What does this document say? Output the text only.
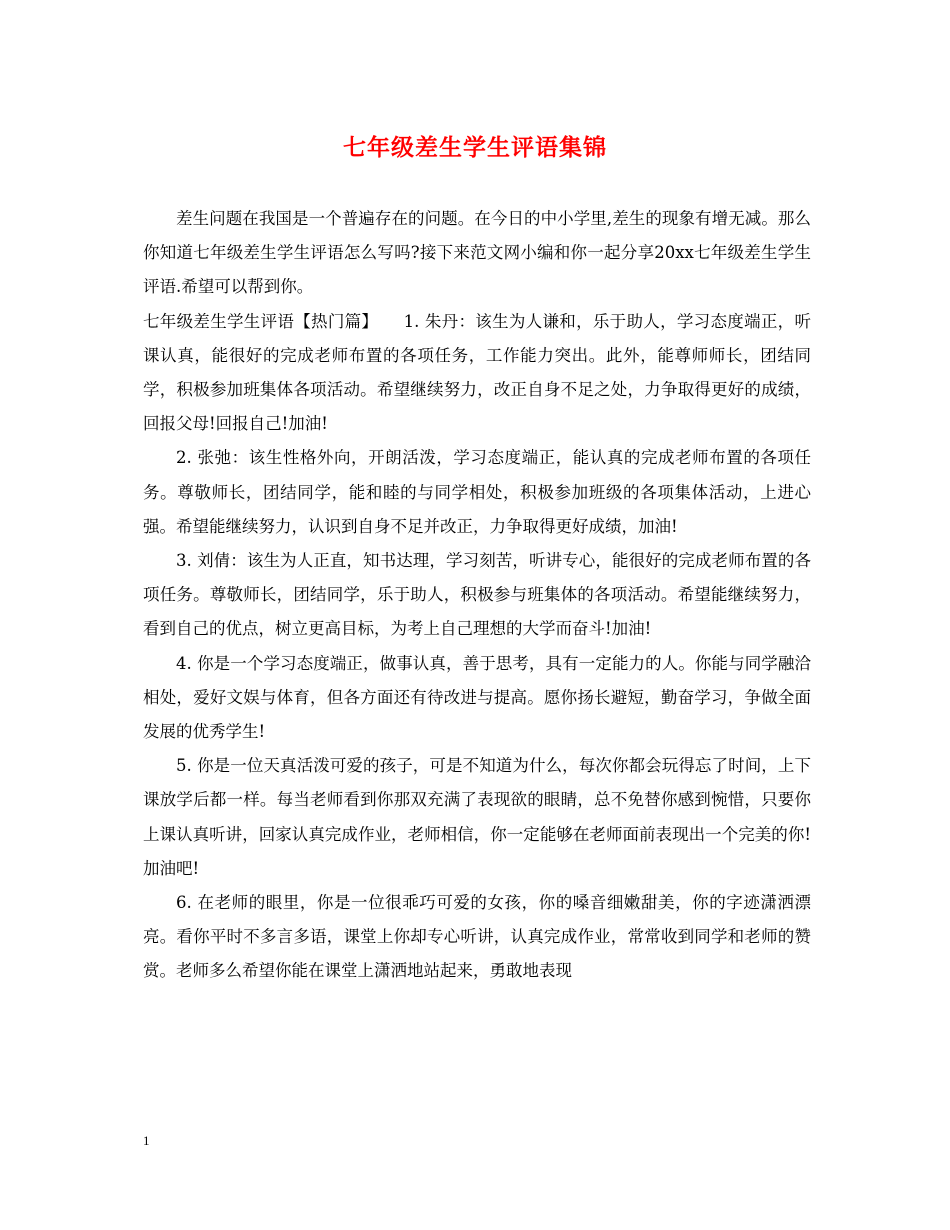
七年级差生学生评语集锦

差生问题在我国是一个普遍存在的问题。在今日的中小学里,差生的现象有增无减。那么你知道七年级差生学生评语怎么写吗?接下来范文网小编和你一起分享20xx七年级差生学生评语.希望可以帮到你。

七年级差生学生评语【热门篇】　　1. 朱丹：该生为人谦和，乐于助人，学习态度端正，听课认真，能很好的完成老师布置的各项任务，工作能力突出。此外，能尊师师长，团结同学，积极参加班集体各项活动。希望继续努力，改正自身不足之处，力争取得更好的成绩，回报父母!回报自己!加油!

2. 张弛：该生性格外向，开朗活泼，学习态度端正，能认真的完成老师布置的各项任务。尊敬师长，团结同学，能和睦的与同学相处，积极参加班级的各项集体活动，上进心强。希望能继续努力，认识到自身不足并改正，力争取得更好成绩，加油!

3. 刘倩：该生为人正直，知书达理，学习刻苦，听讲专心，能很好的完成老师布置的各项任务。尊敬师长，团结同学，乐于助人，积极参与班集体的各项活动。希望能继续努力，看到自己的优点，树立更高目标，为考上自己理想的大学而奋斗!加油!

4. 你是一个学习态度端正，做事认真，善于思考，具有一定能力的人。你能与同学融洽相处，爱好文娱与体育，但各方面还有待改进与提高。愿你扬长避短，勤奋学习，争做全面发展的优秀学生!

5. 你是一位天真活泼可爱的孩子，可是不知道为什么，每次你都会玩得忘了时间，上下课放学后都一样。每当老师看到你那双充满了表现欲的眼睛，总不免替你感到惋惜，只要你上课认真听讲，回家认真完成作业，老师相信，你一定能够在老师面前表现出一个完美的你!加油吧!

6. 在老师的眼里，你是一位很乖巧可爱的女孩，你的嗓音细嫩甜美，你的字迹潇洒漂亮。看你平时不多言多语，课堂上你却专心听讲，认真完成作业，常常收到同学和老师的赞赏。老师多么希望你能在课堂上潇洒地站起来，勇敢地表现

1
